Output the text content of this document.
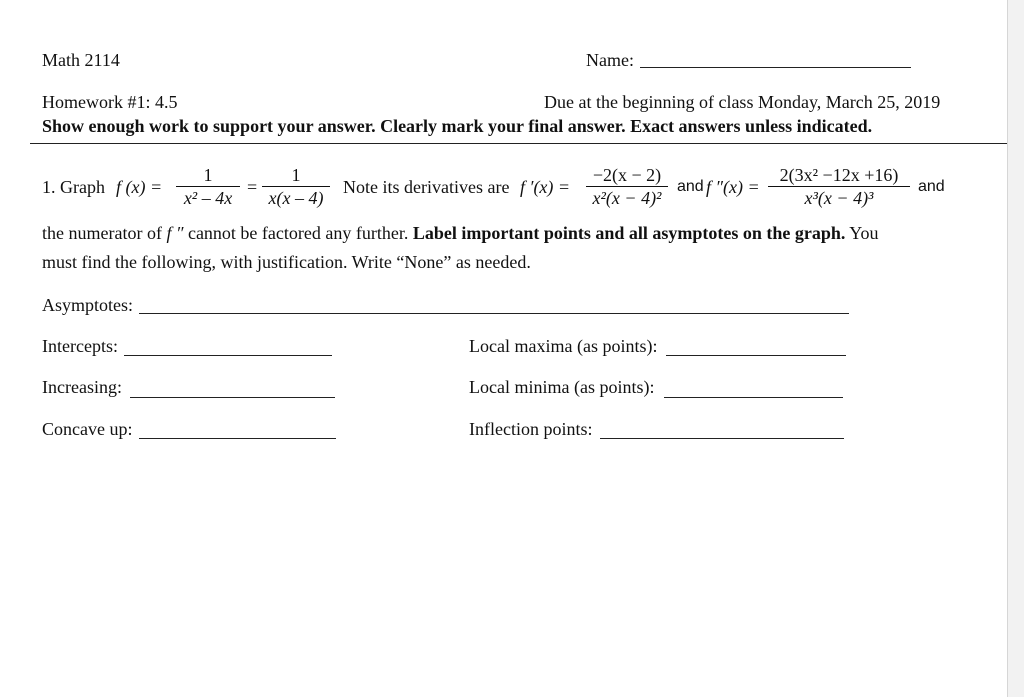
Math 2114	Name:
Homework #1: 4.5	Due at the beginning of class Monday, March 25, 2019
Show enough work to support your answer. Clearly mark your final answer. Exact answers unless indicated.
1. Graph f (x) =
1
x² – 4x
=
1
x(x – 4)
Note its derivatives are f ′(x) =
−2(x − 2)
x²(x − 4)²
and f ″(x) =
2(3x² −12x +16)
x³(x − 4)³
and
the numerator of f ″ cannot be factored any further. Label important points and all asymptotes on the graph. You
must find the following, with justification. Write “None” as needed.
Asymptotes:
Intercepts:	Local maxima (as points):
Increasing:	Local minima (as points):
Concave up:	Inflection points:
